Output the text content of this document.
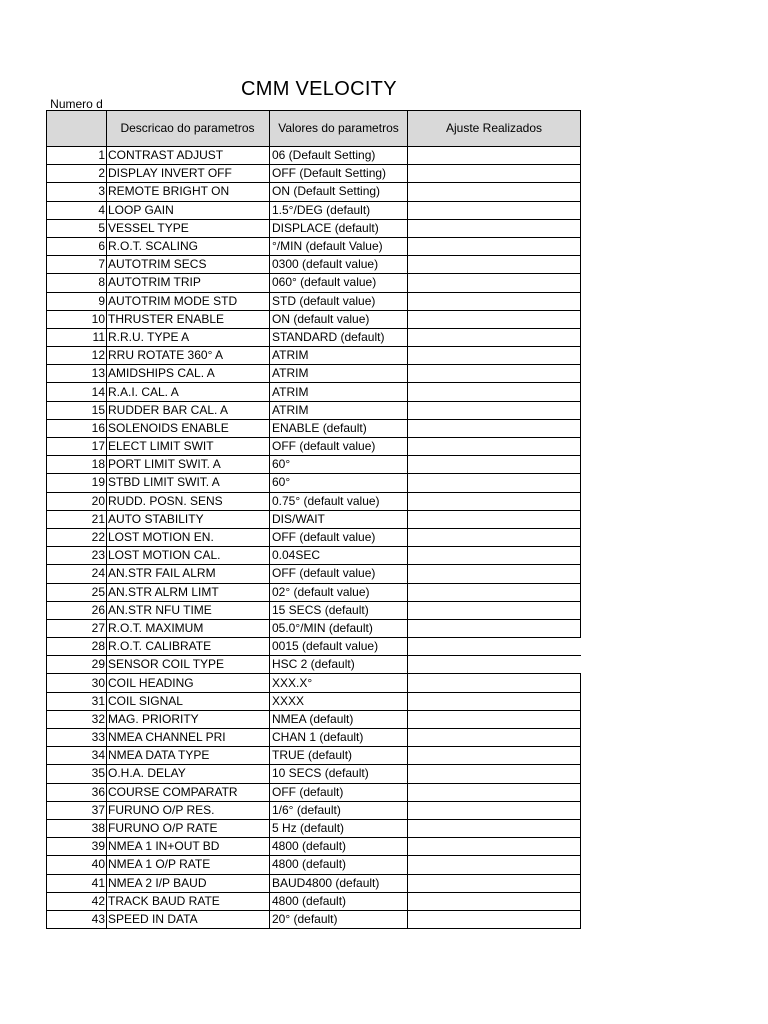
CMM VELOCITY
Numero d
	Descricao do parametros	Valores do parametros	Ajuste Realizados
1	CONTRAST ADJUST	06 (Default Setting)	
2	DISPLAY INVERT OFF	OFF (Default Setting)	
3	REMOTE BRIGHT ON	ON (Default Setting)	
4	LOOP GAIN	1.5°/DEG (default)	
5	VESSEL TYPE	DISPLACE (default)	
6	R.O.T. SCALING	°/MIN (default Value)	
7	AUTOTRIM SECS	0300 (default value)	
8	AUTOTRIM TRIP	060° (default value)	
9	AUTOTRIM MODE STD	STD (default value)	
10	THRUSTER ENABLE	ON (default value)	
11	R.R.U. TYPE A	STANDARD (default)	
12	RRU ROTATE 360° A	ATRIM	
13	AMIDSHIPS CAL. A	ATRIM	
14	R.A.I. CAL. A	ATRIM	
15	RUDDER BAR CAL. A	ATRIM	
16	SOLENOIDS ENABLE	ENABLE (default)	
17	ELECT LIMIT SWIT	OFF (default value)	
18	PORT LIMIT SWIT. A	60°	
19	STBD LIMIT SWIT. A	60°	
20	RUDD. POSN. SENS	0.75° (default value)	
21	AUTO STABILITY	DIS/WAIT	
22	LOST MOTION EN.	OFF (default value)	
23	LOST MOTION CAL.	0.04SEC	
24	AN.STR FAIL ALRM	OFF (default value)	
25	AN.STR ALRM LIMT	02° (default value)	
26	AN.STR NFU TIME	15 SECS (default)	
27	R.O.T. MAXIMUM	05.0°/MIN (default)	
28	R.O.T. CALIBRATE	0015 (default value)	
29	SENSOR COIL TYPE	HSC 2 (default)	
30	COIL HEADING	XXX.X°	
31	COIL SIGNAL	XXXX	
32	MAG. PRIORITY	NMEA (default)	
33	NMEA CHANNEL PRI	CHAN 1 (default)	
34	NMEA DATA TYPE	TRUE (default)	
35	O.H.A. DELAY	10 SECS (default)	
36	COURSE COMPARATR	OFF (default)	
37	FURUNO O/P RES.	1/6° (default)	
38	FURUNO O/P RATE	5 Hz (default)	
39	NMEA 1 IN+OUT BD	4800 (default)	
40	NMEA 1 O/P RATE	4800 (default)	
41	NMEA 2 I/P BAUD	BAUD4800 (default)	
42	TRACK BAUD RATE	4800 (default)	
43	SPEED IN DATA	20° (default)	
